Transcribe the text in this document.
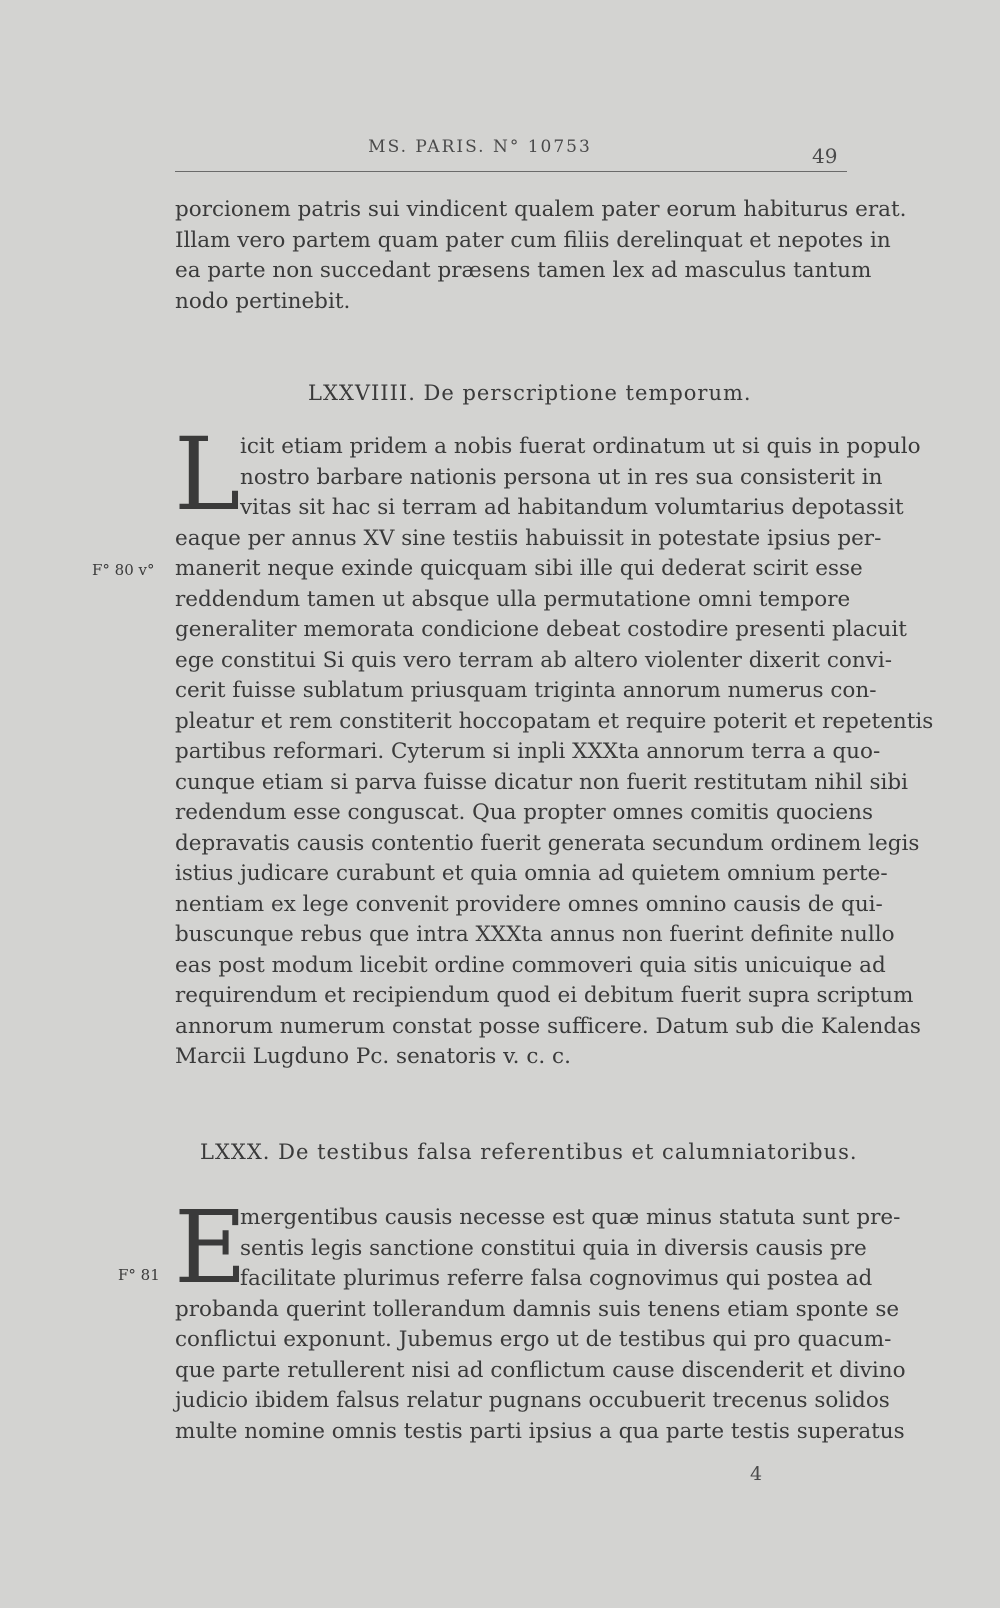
MS. PARIS. N° 10753	49
porcionem patris sui vindicent qualem pater eorum habiturus erat.
Illam vero partem quam pater cum filiis derelinquat et nepotes in
ea parte non succedant præsens tamen lex ad masculus tantum
nodo pertinebit.
LXXVIIII. De perscriptione temporum.
L
F° 80 v°
icit etiam pridem a nobis fuerat ordinatum ut si quis in populo
nostro barbare nationis persona ut in res sua consisterit in
vitas sit hac si terram ad habitandum volumtarius depotassit
eaque per annus XV sine testiis habuissit in potestate ipsius per-
manerit neque exinde quicquam sibi ille qui dederat scirit esse
reddendum tamen ut absque ulla permutatione omni tempore
generaliter memorata condicione debeat costodire presenti placuit
ege constitui Si quis vero terram ab altero violenter dixerit convi-
cerit fuisse sublatum priusquam triginta annorum numerus con-
pleatur et rem constiterit hoccopatam et require poterit et repetentis
partibus reformari. Cyterum si inpli XXXta annorum terra a quo-
cunque etiam si parva fuisse dicatur non fuerit restitutam nihil sibi
redendum esse conguscat. Qua propter omnes comitis quociens
depravatis causis contentio fuerit generata secundum ordinem legis
istius judicare curabunt et quia omnia ad quietem omnium perte-
nentiam ex lege convenit providere omnes omnino causis de qui-
buscunque rebus que intra XXXta annus non fuerint definite nullo
eas post modum licebit ordine commoveri quia sitis unicuique ad
requirendum et recipiendum quod ei debitum fuerit supra scriptum
annorum numerum constat posse sufficere. Datum sub die Kalendas
Marcii Lugduno Pc. senatoris v. c. c.
LXXX. De testibus falsa referentibus et calumniatoribus.
E
F° 81
mergentibus causis necesse est quæ minus statuta sunt pre-
sentis legis sanctione constitui quia in diversis causis pre
facilitate plurimus referre falsa cognovimus qui postea ad
probanda querint tollerandum damnis suis tenens etiam sponte se
conflictui exponunt. Jubemus ergo ut de testibus qui pro quacum-
que parte retullerent nisi ad conflictum cause discenderit et divino
judicio ibidem falsus relatur pugnans occubuerit trecenus solidos
multe nomine omnis testis parti ipsius a qua parte testis superatus
4
